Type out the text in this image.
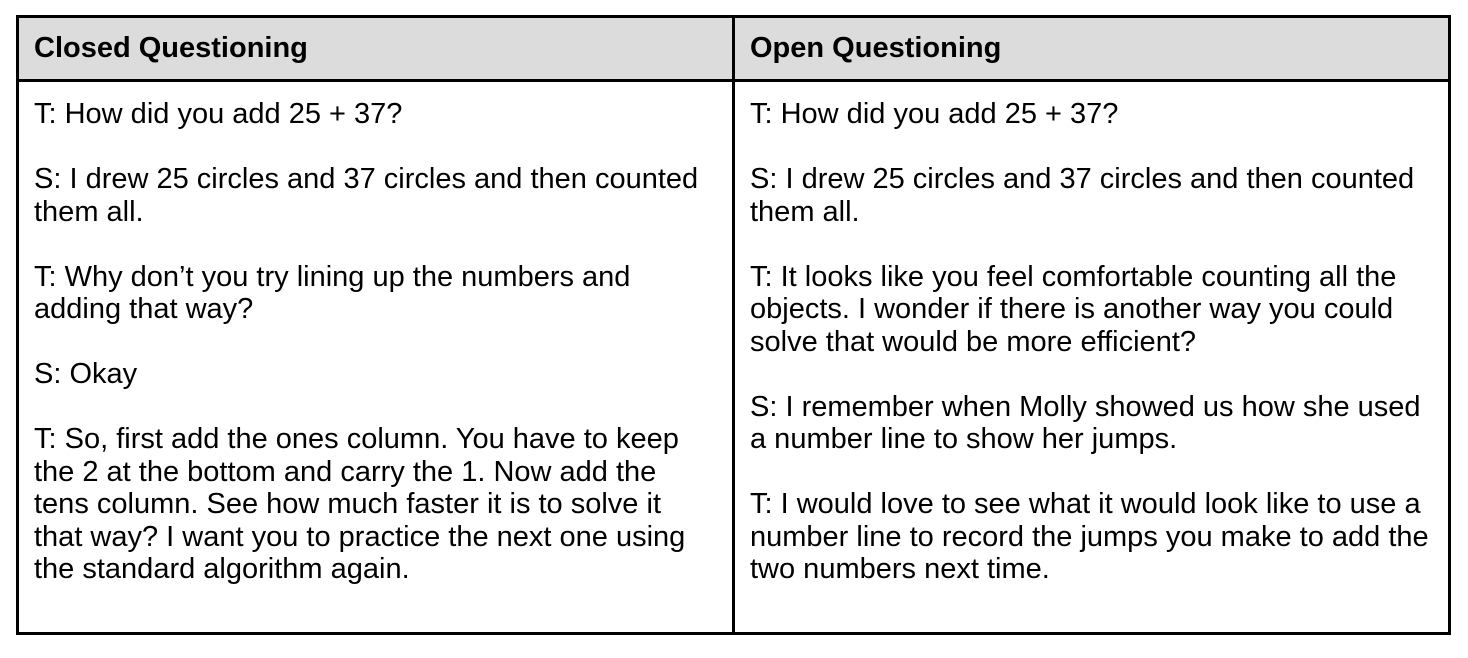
Closed Questioning	Open Questioning

T: How did you add 25 + 37?

S: I drew 25 circles and 37 circles and then counted them all.

T: Why don’t you try lining up the numbers and adding that way?

S: Okay

T: So, first add the ones column. You have to keep the 2 at the bottom and carry the 1. Now add the tens column. See how much faster it is to solve it that way? I want you to practice the next one using the standard algorithm again.

T: How did you add 25 + 37?

S: I drew 25 circles and 37 circles and then counted them all.

T: It looks like you feel comfortable counting all the objects. I wonder if there is another way you could solve that would be more efficient?

S: I remember when Molly showed us how she used a number line to show her jumps.

T: I would love to see what it would look like to use a number line to record the jumps you make to add the two numbers next time.
